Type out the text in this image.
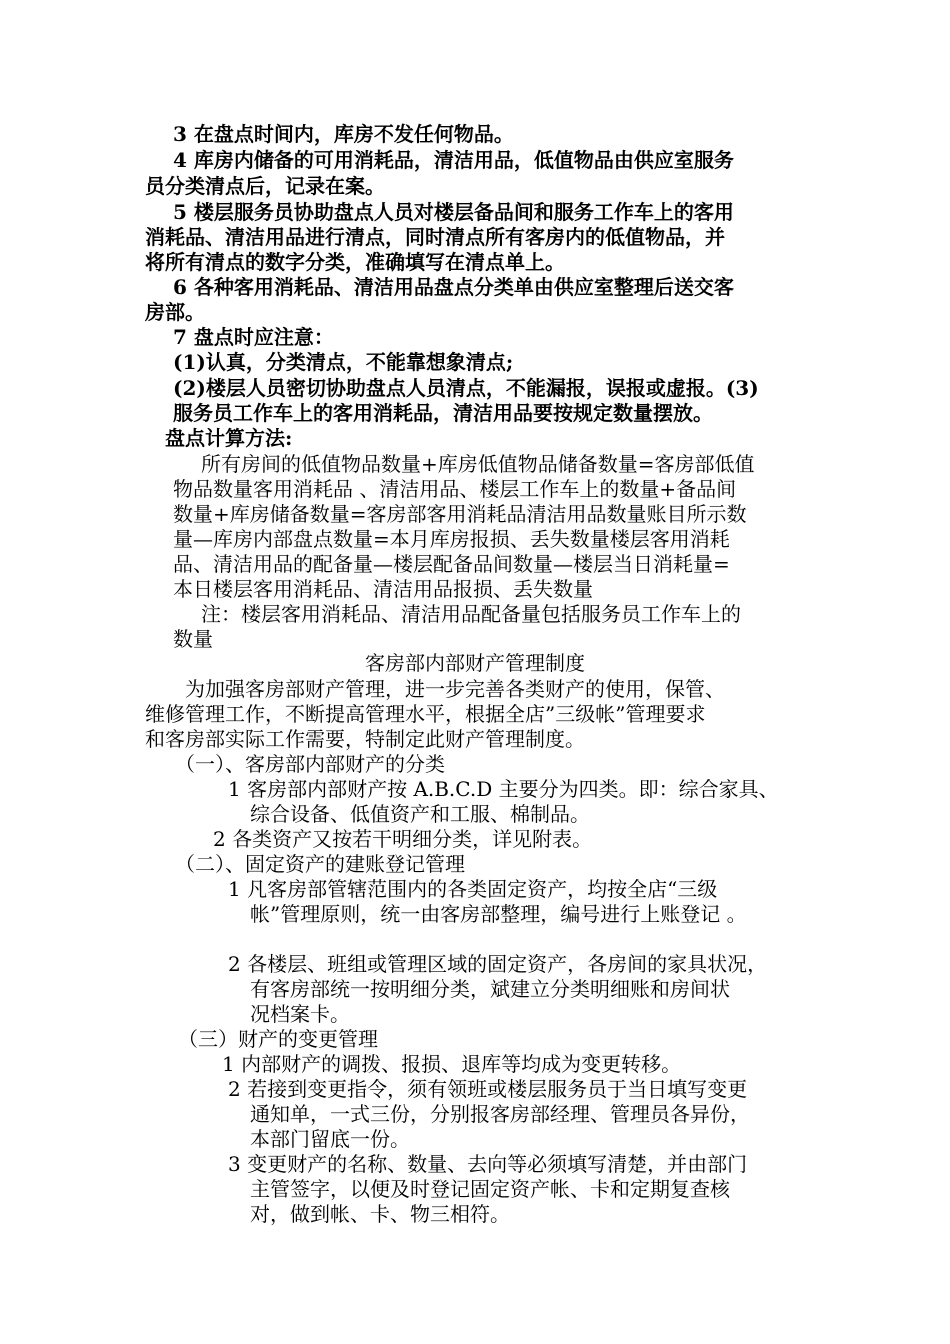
3 在盘点时间内，库房不发任何物品。
4 库房内储备的可用消耗品，清洁用品，低值物品由供应室服务
员分类清点后，记录在案。
5 楼层服务员协助盘点人员对楼层备品间和服务工作车上的客用
消耗品、清洁用品进行清点，同时清点所有客房内的低值物品，并
将所有清点的数字分类，准确填写在清点单上。
6 各种客用消耗品、清洁用品盘点分类单由供应室整理后送交客
房部。
7 盘点时应注意：
(1)认真，分类清点，不能靠想象清点;
(2)楼层人员密切协助盘点人员清点，不能漏报，误报或虚报。(3)
服务员工作车上的客用消耗品，清洁用品要按规定数量摆放。
盘点计算方法:
所有房间的低值物品数量+库房低值物品储备数量=客房部低值
物品数量客用消耗品 、清洁用品、楼层工作车上的数量+备品间
数量+库房储备数量=客房部客用消耗品清洁用品数量账目所示数
量—库房内部盘点数量=本月库房报损、丢失数量楼层客用消耗
品、清洁用品的配备量—楼层配备品间数量—楼层当日消耗量=
本日楼层客用消耗品、清洁用品报损、丢失数量
注：楼层客用消耗品、清洁用品配备量包括服务员工作车上的
数量
客房部内部财产管理制度
为加强客房部财产管理，进一步完善各类财产的使用，保管、
维修管理工作，不断提高管理水平，根据全店”三级帐”管理要求
和客房部实际工作需要，特制定此财产管理制度。
（一）、客房部内部财产的分类
1 客房部内部财产按 A.B.C.D 主要分为四类。即：综合家具、
综合设备、低值资产和工服、棉制品。
2 各类资产又按若干明细分类，详见附表。
（二）、固定资产的建账登记管理
1 凡客房部管辖范围内的各类固定资产，均按全店“三级
帐”管理原则，统一由客房部整理，编号进行上账登记 。
2 各楼层、班组或管理区域的固定资产，各房间的家具状况，
有客房部统一按明细分类，斌建立分类明细账和房间状
况档案卡。
（三）财产的变更管理
1 内部财产的调拨、报损、退库等均成为变更转移。
2 若接到变更指令，须有领班或楼层服务员于当日填写变更
通知单，一式三份，分别报客房部经理、管理员各异份，
本部门留底一份。
3 变更财产的名称、数量、去向等必须填写清楚，并由部门
主管签字，以便及时登记固定资产帐、卡和定期复查核
对，做到帐、卡、物三相符。
